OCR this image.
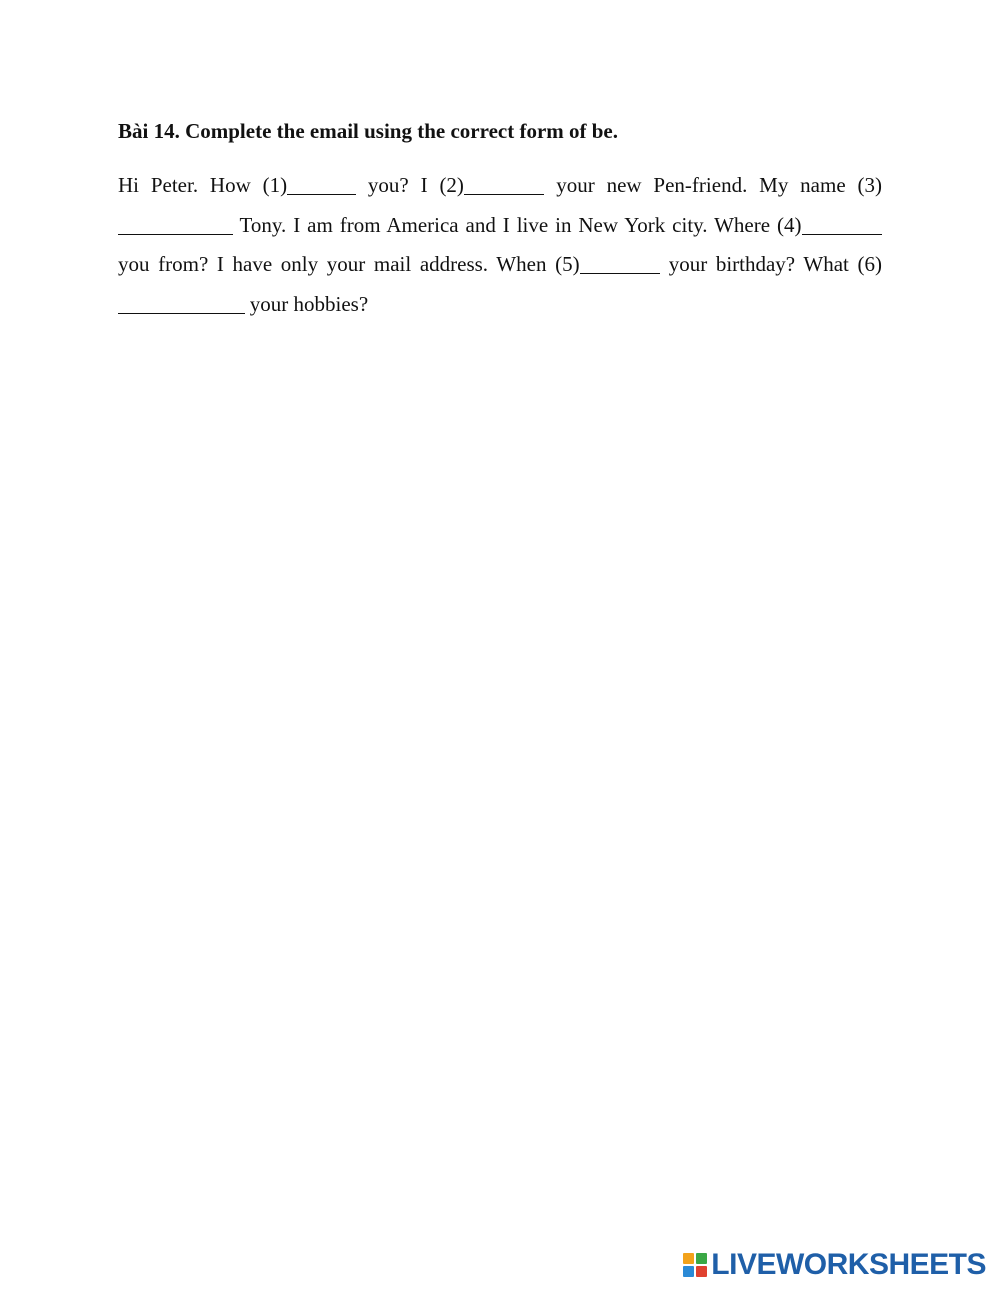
Bài 14. Complete the email using the correct form of be.

Hi Peter. How (1)	you? I (2)	your new Pen-friend. My name (3) Tony. I am from America and I live in New York city. Where (4) you from? I have only your mail address. When (5)	your birthday? What (6) your hobbies?

LIVEWORKSHEETS
